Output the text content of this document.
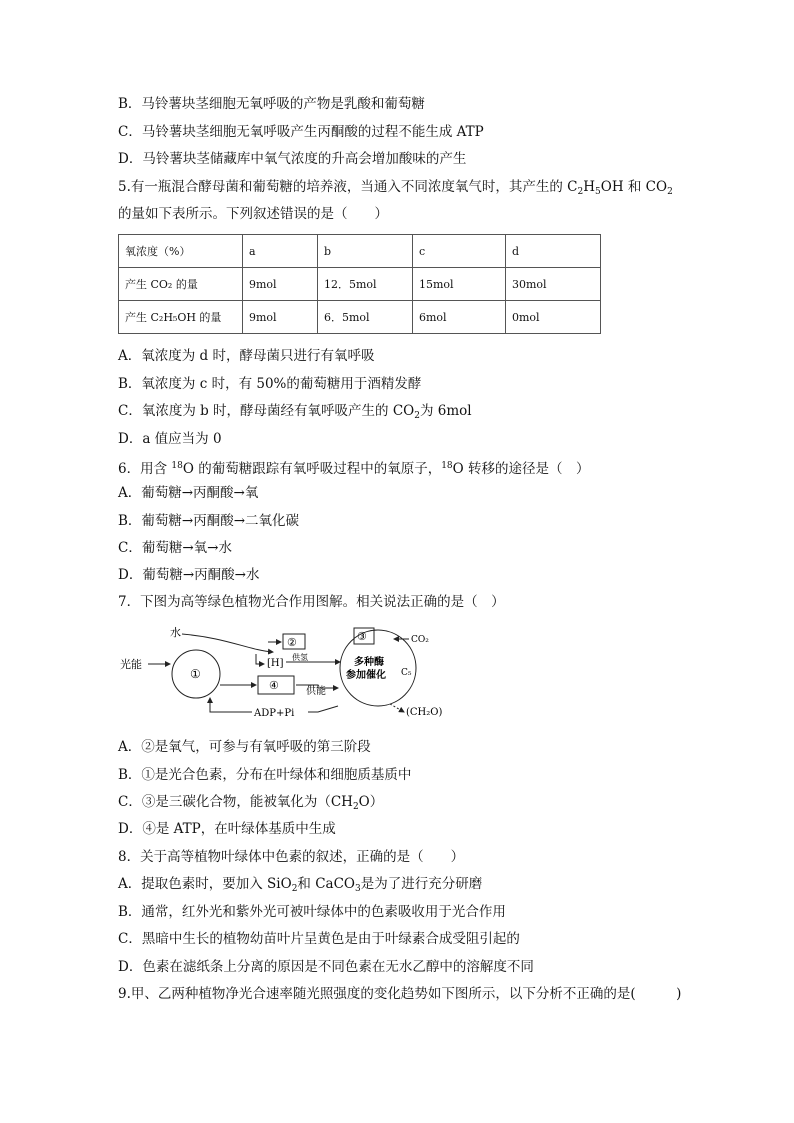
B．马铃薯块茎细胞无氧呼吸的产物是乳酸和葡萄糖
C．马铃薯块茎细胞无氧呼吸产生丙酮酸的过程不能生成 ATP
D．马铃薯块茎储藏库中氧气浓度的升高会增加酸味的产生
5.有一瓶混合酵母菌和葡萄糖的培养液，当通入不同浓度氧气时，其产生的 $C_2H_5OH$ 和 $CO_2$
的量如下表所示。下列叙述错误的是（　　）
氧浓度（%）	a	b	c	d
产生 CO₂ 的量	9mol	12．5mol	15mol	30mol
产生 C₂H₅OH 的量	9mol	6．5mol	6mol	0mol
A．氧浓度为 d 时，酵母菌只进行有氧呼吸
B．氧浓度为 c 时，有 50%的葡萄糖用于酒精发酵
C．氧浓度为 b 时，酵母菌经有氧呼吸产生的 $CO_2$为 6mol
D．a 值应当为 0
6．用含 $^{18}$O 的葡萄糖跟踪有氧呼吸过程中的氧原子，$^{18}$O 转移的途径是（　）
A．葡萄糖→丙酮酸→氧
B．葡萄糖→丙酮酸→二氧化碳
C．葡萄糖→氧→水
D．葡萄糖→丙酮酸→水
7．下图为高等绿色植物光合作用图解。相关说法正确的是（　）
水
光能
①
②
[H]
供氢
③	CO₂
多种酶
参加催化 C₅
④	供能
ADP+Pi	(CH₂O)
A．②是氧气，可参与有氧呼吸的第三阶段
B．①是光合色素，分布在叶绿体和细胞质基质中
C．③是三碳化合物，能被氧化为$(CH_2O)$
D．④是 ATP，在叶绿体基质中生成
8．关于高等植物叶绿体中色素的叙述，正确的是（　　）
A．提取色素时，要加入 SiO$_2$和 CaCO$_3$是为了进行充分研磨
B．通常，红外光和紫外光可被叶绿体中的色素吸收用于光合作用
C．黑暗中生长的植物幼苗叶片呈黄色是由于叶绿素合成受阻引起的
D．色素在滤纸条上分离的原因是不同色素在无水乙醇中的溶解度不同
9.甲、乙两种植物净光合速率随光照强度的变化趋势如下图所示，以下分析不正确的是(　　　)
